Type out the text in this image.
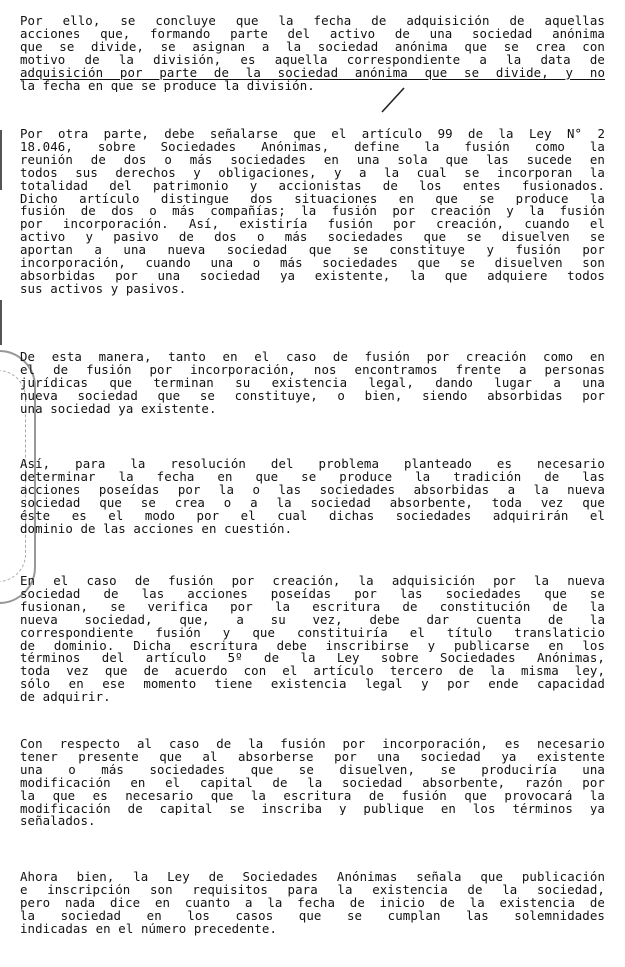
Por ello, se concluye que la fecha de adquisición de aquellas
acciones que, formando parte del activo de una sociedad anónima
que se divide, se asignan a la sociedad anónima que se crea con
motivo de la división, es aquella correspondiente a la data de
adquisición por parte de la sociedad anónima que se divide, y no
la fecha en que se produce la división.
Por otra parte, debe señalarse que el artículo 99 de la Ley N° 2
18.046, sobre Sociedades Anónimas, define la fusión como la
reunión de dos o más sociedades en una sola que las sucede en
todos sus derechos y obligaciones, y a la cual se incorporan la
totalidad del patrimonio y accionistas de los entes fusionados.
Dicho artículo distingue dos situaciones en que se produce la
fusión de dos o más compañías; la fusión por creación y la fusión
por incorporación. Así, existiría fusión por creación, cuando el
activo y pasivo de dos o más sociedades que se disuelven se
aportan a una nueva sociedad que se constituye y fusión por
incorporación, cuando una o más sociedades que se disuelven son
absorbidas por una sociedad ya existente, la que adquiere todos
sus activos y pasivos.
De esta manera, tanto en el caso de fusión por creación como en
el de fusión por incorporación, nos encontramos frente a personas
jurídicas que terminan su existencia legal, dando lugar a una
nueva sociedad que se constituye, o bien, siendo absorbidas por
una sociedad ya existente.
Así, para la resolución del problema planteado es necesario
determinar la fecha en que se produce la tradición de las
acciones poseídas por la o las sociedades absorbidas a la nueva
sociedad que se crea o a la sociedad absorbente, toda vez que
éste es el modo por el cual dichas sociedades adquirirán el
dominio de las acciones en cuestión.
En el caso de fusión por creación, la adquisición por la nueva
sociedad de las acciones poseídas por las sociedades que se
fusionan, se verifica por la escritura de constitución de la
nueva sociedad, que, a su vez, debe dar cuenta de la
correspondiente fusión y que constituiría el título translaticio
de dominio. Dicha escritura debe inscribirse y publicarse en los
términos del artículo 5º de la Ley sobre Sociedades Anónimas,
toda vez que de acuerdo con el artículo tercero de la misma ley,
sólo en ese momento tiene existencia legal y por ende capacidad
de adquirir.
Con respecto al caso de la fusión por incorporación, es necesario
tener presente que al absorberse por una sociedad ya existente
una o más sociedades que se disuelven, se produciría una
modificación en el capital de la sociedad absorbente, razón por
la que es necesario que la escritura de fusión que provocará la
modificación de capital se inscriba y publique en los términos ya
señalados.
Ahora bien, la Ley de Sociedades Anónimas señala que publicación
e inscripción son requisitos para la existencia de la sociedad,
pero nada dice en cuanto a la fecha de inicio de la existencia de
la sociedad en los casos que se cumplan las solemnidades
indicadas en el número precedente.
